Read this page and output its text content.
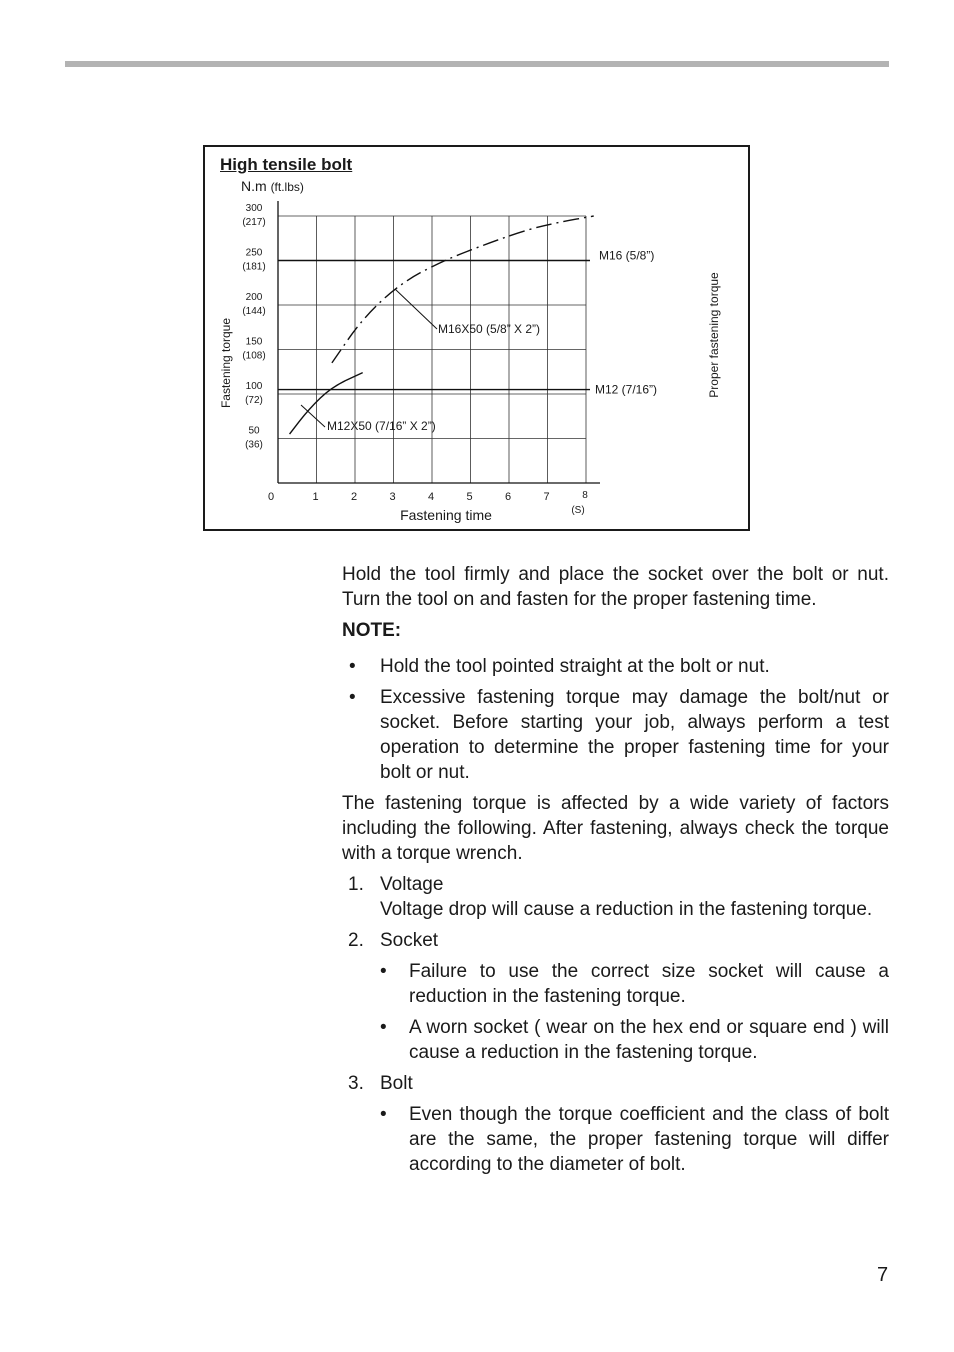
High tensile bolt
N.m (ft.lbs)
M16 (5/8”)
M12 (7/16”)
M16X50 (5/8” X 2”)
M12X50 (7/16” X 2”)
50
(36)
100
(72)
150
(108)
200
(144)
250
(181)
300
(217)
0	1	2	3	4	5	6	7	8
Fastening torque	Proper fastening torque
Fastening time	(S)

Hold the tool firmly and place the socket over the bolt or nut. Turn the tool on and fasten for the proper fastening time.

NOTE:

• Hold the tool pointed straight at the bolt or nut.
• Excessive fastening torque may damage the bolt/nut or socket. Before starting your job, always perform a test operation to determine the proper fastening time for your bolt or nut.

The fastening torque is affected by a wide variety of factors including the following. After fastening, always check the torque with a torque wrench.

1. Voltage
Voltage drop will cause a reduction in the fastening torque.
2. Socket
• Failure to use the correct size socket will cause a reduction in the fastening torque.
• A worn socket ( wear on the hex end or square end ) will cause a reduction in the fastening torque.
3. Bolt
• Even though the torque coefficient and the class of bolt are the same, the proper fastening torque will differ according to the diameter of bolt.
7
